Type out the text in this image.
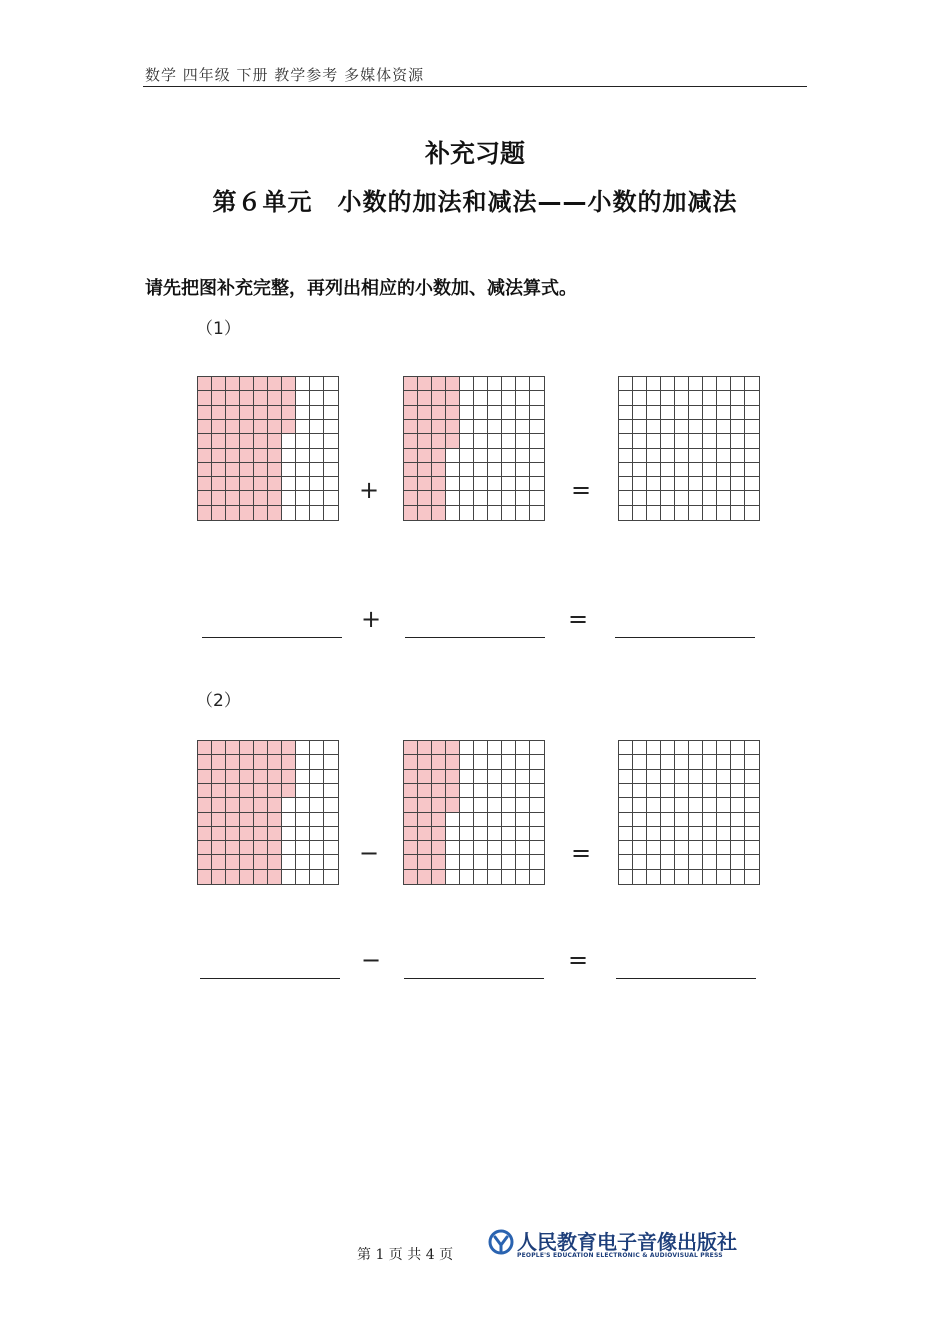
数学 四年级 下册 教学参考 多媒体资源
补充习题
第６单元　小数的加法和减法——小数的加减法
请先把图补充完整，再列出相应的小数加、减法算式。
（1）
+	=
+	=
（2）
−	=
−	=
第 1 页 共 4 页
人民教育电子音像出版社
PEOPLE'S EDUCATION ELECTRONIC & AUDIOVISUAL PRESS
